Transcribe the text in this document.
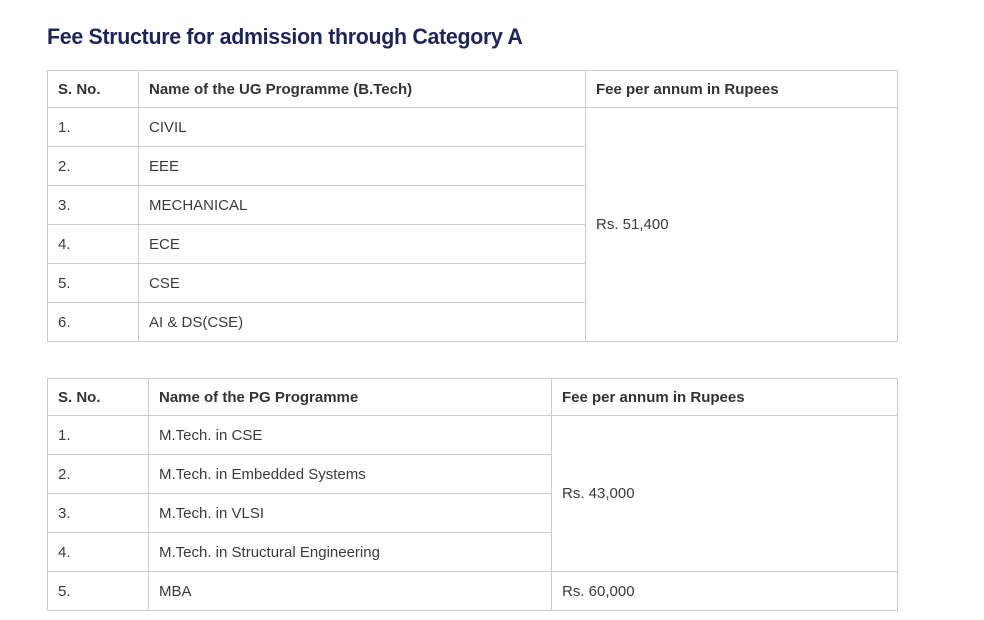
Fee Structure for admission through Category A
S. No.	Name of the UG Programme (B.Tech)	Fee per annum in Rupees
1.	CIVIL	Rs. 51,400
2.	EEE	
3.	MECHANICAL	
4.	ECE	
5.	CSE	
6.	AI & DS(CSE)	
S. No.	Name of the PG Programme	Fee per annum in Rupees
1.	M.Tech. in CSE	Rs. 43,000
2.	M.Tech. in Embedded Systems	
3.	M.Tech. in VLSI	
4.	M.Tech. in Structural Engineering	
5.	MBA	Rs. 60,000
